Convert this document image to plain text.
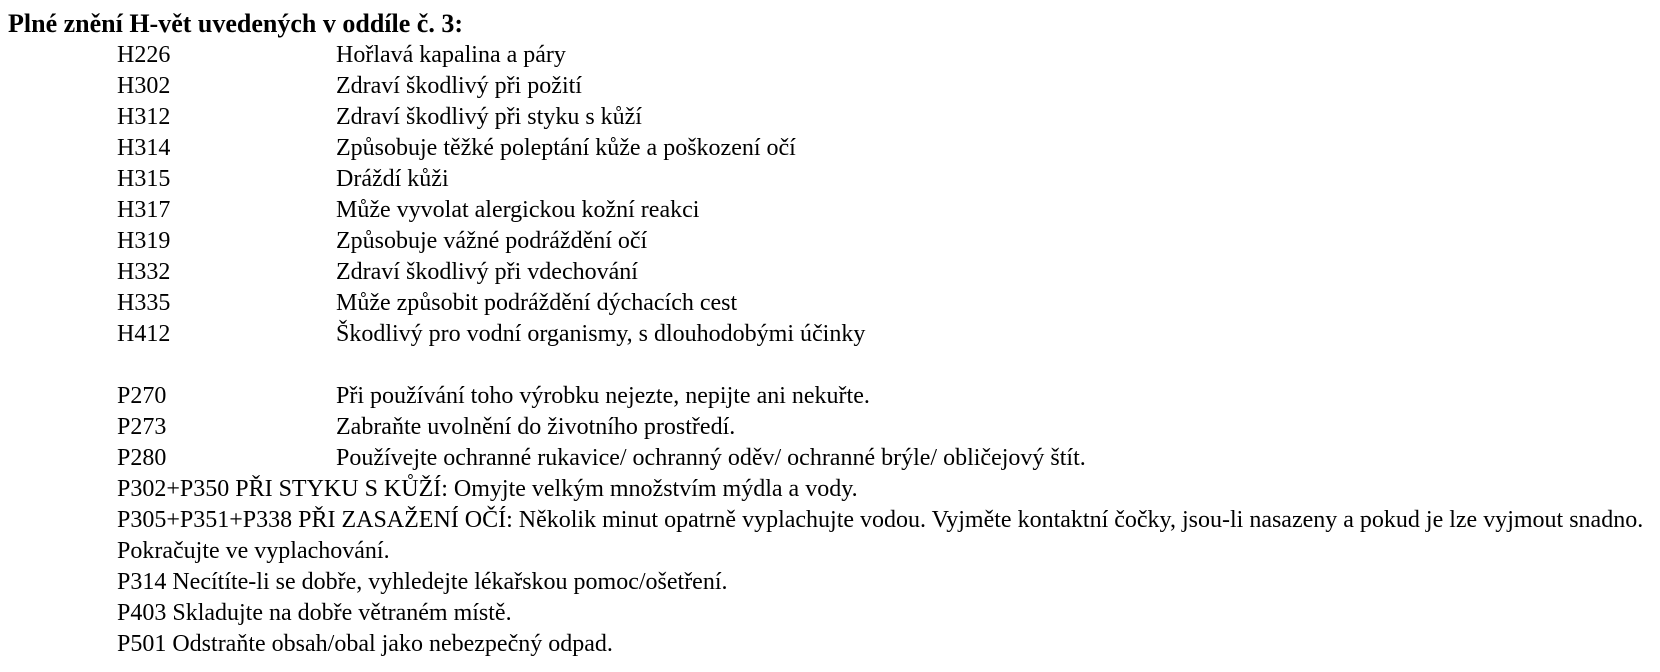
Plné znění H-vět uvedených v oddíle č. 3:
H226	Hořlavá kapalina a páry
H302	Zdraví škodlivý při požití
H312	Zdraví škodlivý při styku s kůží
H314	Způsobuje těžké poleptání kůže a poškození očí
H315	Dráždí kůži
H317	Může vyvolat alergickou kožní reakci
H319	Způsobuje vážné podráždění očí
H332	Zdraví škodlivý při vdechování
H335	Může způsobit podráždění dýchacích cest
H412	Škodlivý pro vodní organismy, s dlouhodobými účinky
P270	Při používání toho výrobku nejezte, nepijte ani nekuřte.
P273	Zabraňte uvolnění do životního prostředí.
P280	Používejte ochranné rukavice/ ochranný oděv/ ochranné brýle/ obličejový štít.
P302+P350 PŘI STYKU S KŮŽÍ: Omyjte velkým množstvím mýdla a vody.
P305+P351+P338 PŘI ZASAŽENÍ OČÍ: Několik minut opatrně vyplachujte vodou. Vyjměte kontaktní čočky, jsou-li nasazeny a pokud je lze vyjmout snadno. Pokračujte ve vyplachování.
P314 Necítíte-li se dobře, vyhledejte lékařskou pomoc/ošetření.
P403 Skladujte na dobře větraném místě.
P501 Odstraňte obsah/obal jako nebezpečný odpad.
